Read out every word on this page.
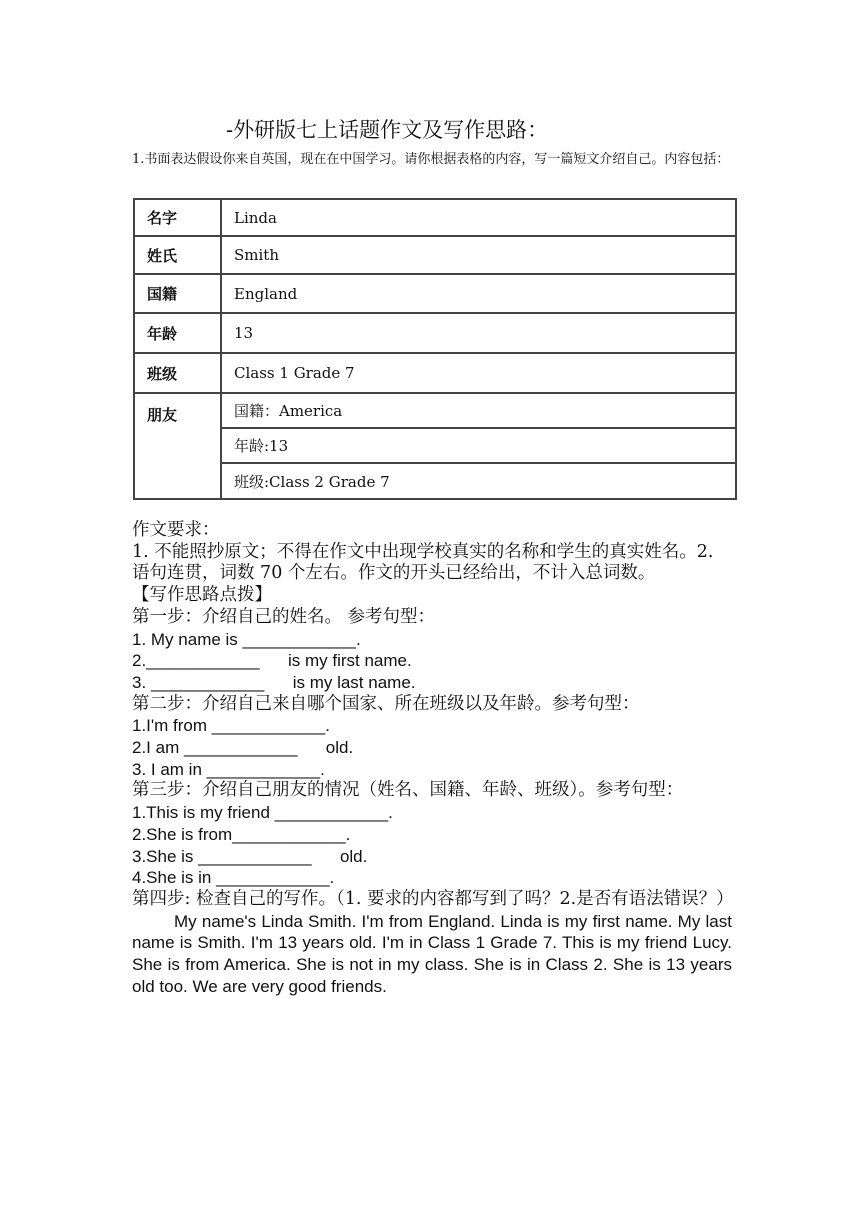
-外研版七上话题作文及写作思路：
1.书面表达假设你来自英国，现在在中国学习。请你根据表格的内容，写一篇短文介绍自己。内容包括：
名字	Linda
姓氏	Smith
国籍	England
年龄	13
班级	Class 1 Grade 7
朋友	国籍：America
	年龄:13
	班级:Class 2 Grade 7

作文要求：

1. 不能照抄原文；不得在作文中出现学校真实的名称和学生的真实姓名。2. 语句连贯，词数 70 个左右。作文的开头已经给出，不计入总词数。

【写作思路点拨】

第一步：介绍自己的姓名。 参考句型：

1. My name is ____________.

2.____________      is my first name.

3. ____________      is my last name.

第二步：介绍自己来自哪个国家、所在班级以及年龄。参考句型：

1.I'm from ____________.

2.I am ____________      old.

3. I am in ____________.

第三步：介绍自己朋友的情况（姓名、国籍、年龄、班级）。参考句型：

1.This is my friend ____________.

2.She is from____________.

3.She is ____________      old.

4.She is in ____________.

第四步: 检查自己的写作。（1. 要求的内容都写到了吗？2.是否有语法错误？）

My name's Linda Smith. I'm from England. Linda is my first name. My last name is Smith. I'm 13 years old. I'm in Class 1 Grade 7. This is my friend Lucy. She is from America. She is not in my class. She is in Class 2. She is 13 years old too. We are very good friends.
